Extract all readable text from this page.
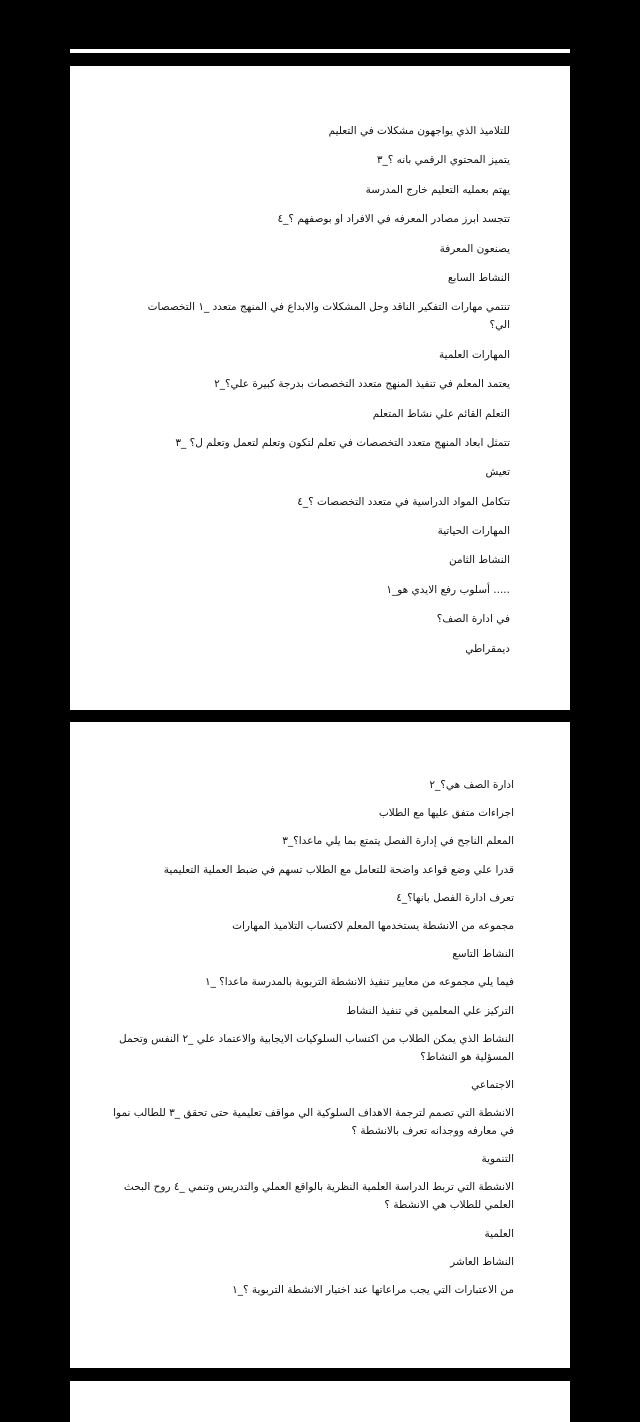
للتلاميذ الذي يواجهون مشكلات في التعليم
يتميز المحتوي الرقمي بانه ؟_٣
يهتم بعمليه التعليم خارج المدرسة
تتجسد ابرز مصادر المعرفه في الافراد او بوصفهم ؟_٤
يصنعون المعرفة
النشاط السابع
تنتمي مهارات التفكير الناقد وحل المشكلات والابداع في المنهج متعدد _١ التخصصات الي؟
المهارات العلمية
يعتمد المعلم في تنفيذ المنهج متعدد التخصصات بدرجة كبيرة علي؟_٢
التعلم القائم علي نشاط المتعلم
تتمثل ابعاد المنهج متعدد التخصصات في تعلم لتكون وتعلم لتعمل وتعلم ل؟ _٣
تعيش
تتكامل المواد الدراسية في متعدد التخصصات ؟_٤
المهارات الحياتية
النشاط الثامن
..... أسلوب رفع الايدي هو_١
في ادارة الصف؟
ديمقراطي
ادارة الصف هي؟_٢
اجراءات متفق عليها مع الطلاب
المعلم الناجح في إدارة الفصل يتمتع بما يلي ماعدا؟_٣
قدرا علي وضع قواعد واضحة للتعامل مع الطلاب تسهم في ضبط العملية التعليمية
تعرف ادارة الفصل بانها؟_٤
مجموعه من الانشطة يستخدمها المعلم لاكتساب التلاميذ المهارات
النشاط التاسع
فيما يلي مجموعه من معايير تنفيذ الانشطة التربوية بالمدرسة ماعدا؟ _١
التركيز علي المعلمين في تنفيذ النشاط
النشاط الذي يمكن الطلاب من اكتساب السلوكيات الايجابية والاعتماد علي _٢ النفس وتحمل المسؤلية هو النشاط؟
الاجتماعي
الانشطة التي تصمم لترجمة الاهداف السلوكية الي مواقف تعليمية حتى تحقق _٣ للطالب نموا في معارفه ووجدانه تعرف بالانشطة ؟
التنموية
الانشطة التي تربط الدراسة العلمية النظرية بالواقع العملي والتدريس وتنمي _٤ روح البحث العلمي للطلاب هي الانشطة ؟
العلمية
النشاط العاشر
من الاعتبارات التي يجب مراعاتها عند اختيار الانشطة التربوية ؟_١
